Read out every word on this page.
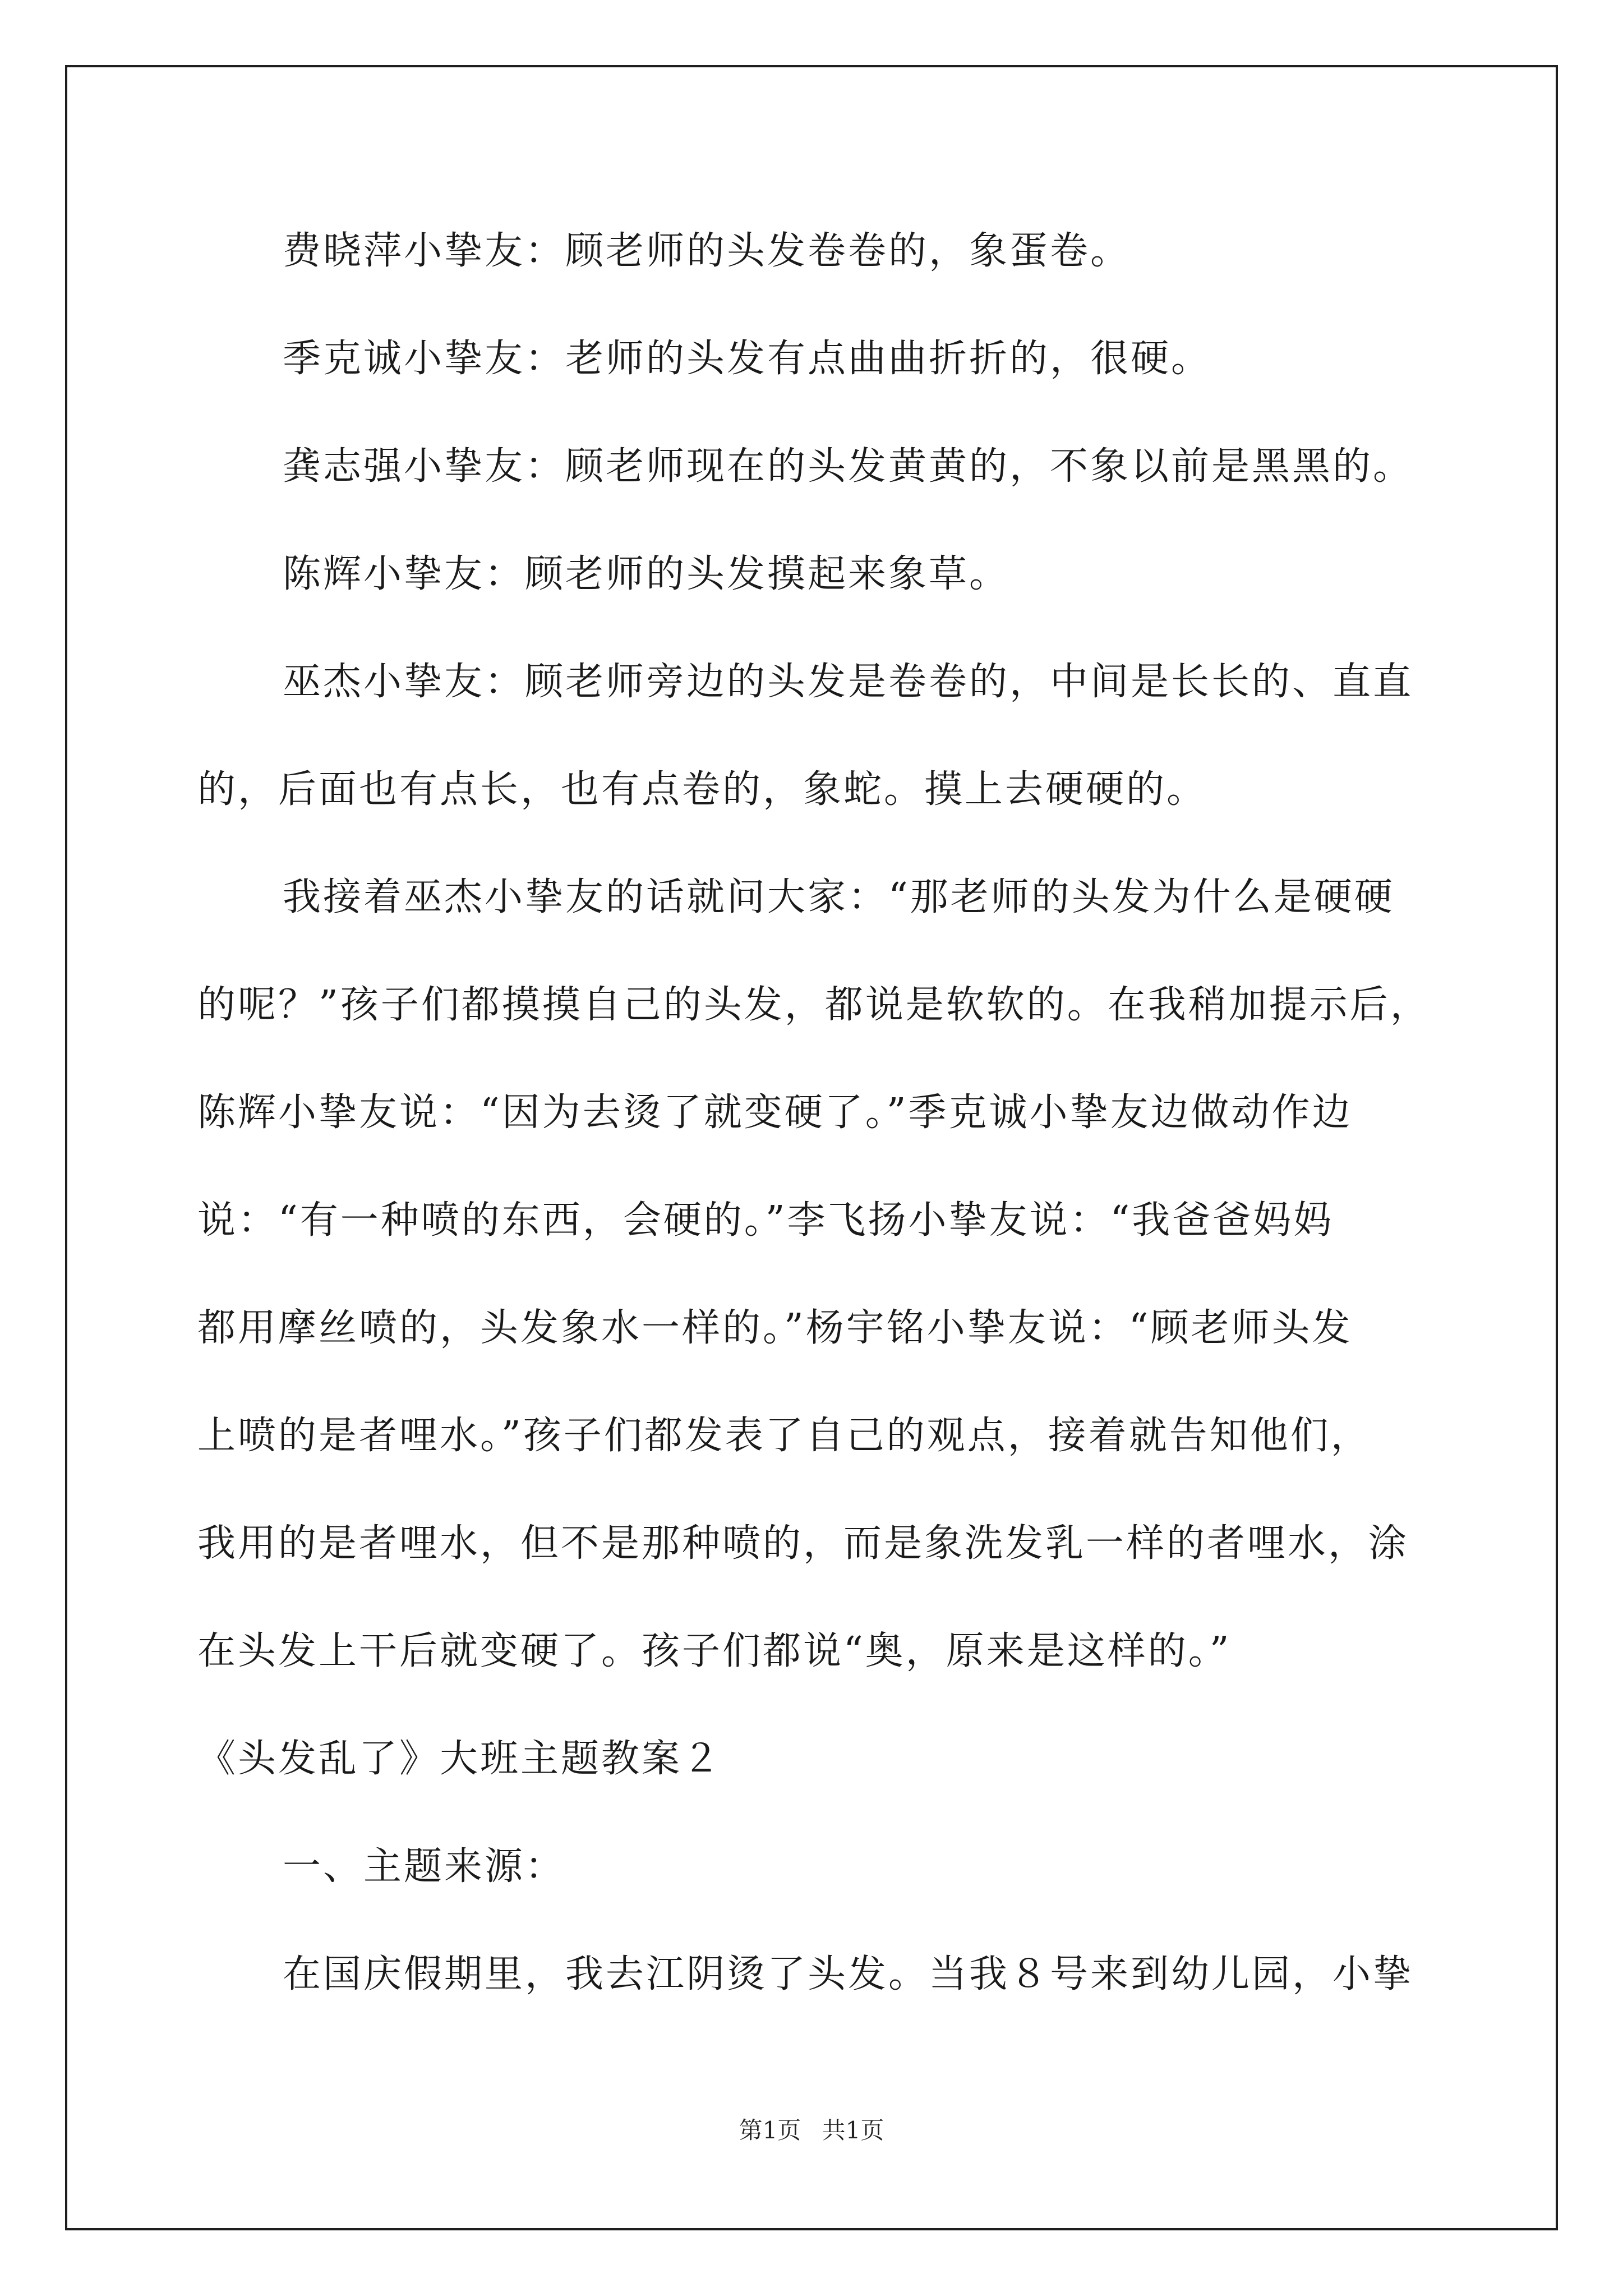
费晓萍小挚友：顾老师的头发卷卷的，象蛋卷。
季克诚小挚友：老师的头发有点曲曲折折的，很硬。
龚志强小挚友：顾老师现在的头发黄黄的，不象以前是黑黑的。
陈辉小挚友：顾老师的头发摸起来象草。
巫杰小挚友：顾老师旁边的头发是卷卷的，中间是长长的、直直
的，后面也有点长，也有点卷的，象蛇。摸上去硬硬的。
我接着巫杰小挚友的话就问大家：“那老师的头发为什么是硬硬
的呢？”孩子们都摸摸自己的头发，都说是软软的。在我稍加提示后，
陈辉小挚友说：“因为去烫了就变硬了。”季克诚小挚友边做动作边
说：“有一种喷的东西，会硬的。”李飞扬小挚友说：“我爸爸妈妈
都用摩丝喷的，头发象水一样的。”杨宇铭小挚友说：“顾老师头发
上喷的是者哩水。”孩子们都发表了自己的观点，接着就告知他们，
我用的是者哩水，但不是那种喷的，而是象洗发乳一样的者哩水，涂
在头发上干后就变硬了。孩子们都说“奥，原来是这样的。”
《头发乱了》大班主题教案２
一、主题来源：
在国庆假期里，我去江阴烫了头发。当我８号来到幼儿园，小挚
第1页 共1页
